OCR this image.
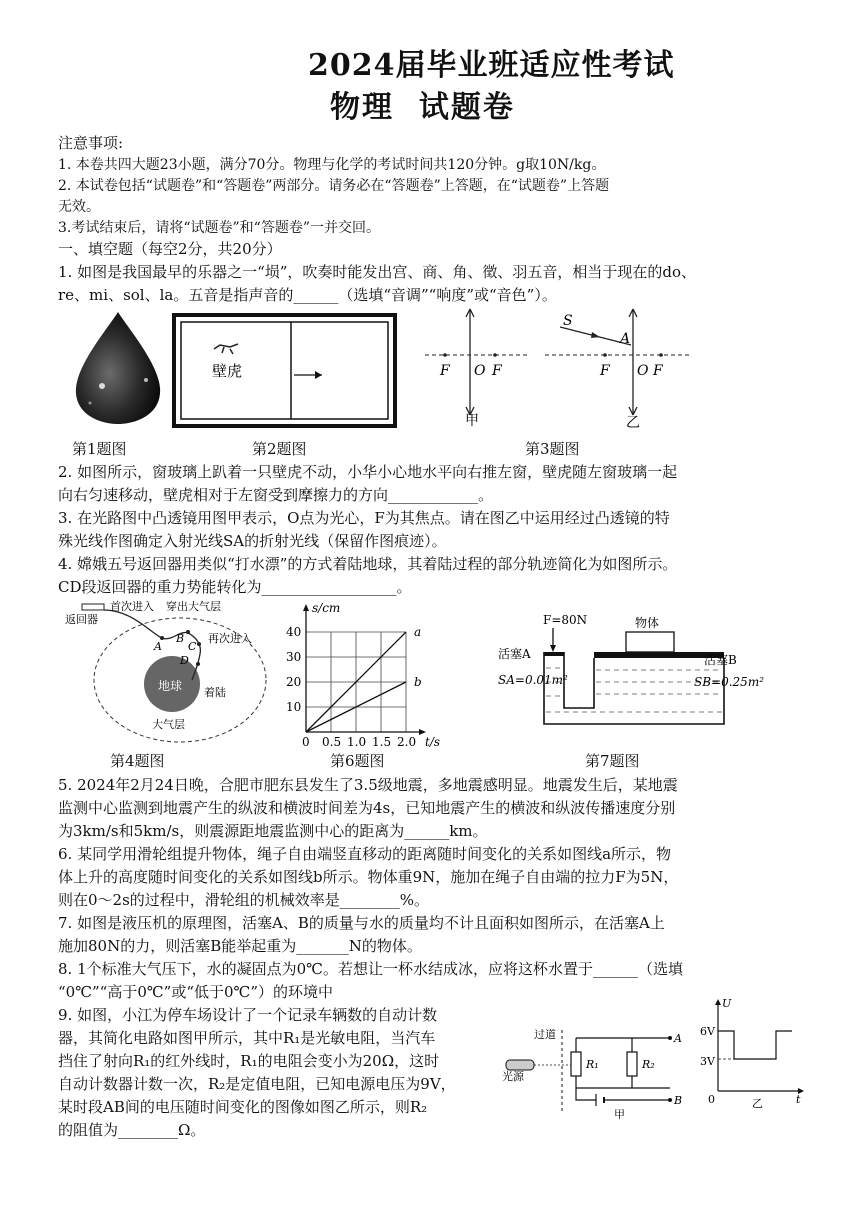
2024届毕业班适应性考试
物理  试题卷
注意事项:
1. 本卷共四大题23小题，满分70分。物理与化学的考试时间共120分钟。g取10N/kg。
2. 本试卷包括“试题卷”和“答题卷”两部分。请务必在“答题卷”上答题，在“试题卷”上答题
无效。
3.考试结束后，请将“试题卷”和“答题卷”一并交回。
一、填空题（每空2分，共20分）
1. 如图是我国最早的乐器之一“埙”，吹奏时能发出宫、商、角、徵、羽五音，相当于现在的do、
re、mi、sol、la。五音是指声音的______（选填“音调”“响度”或“音色”）。
壁虎	F O F
甲
S
A
F O F
乙
第1题图	第2题图	第3题图
2. 如图所示，窗玻璃上趴着一只壁虎不动，小华小心地水平向右推左窗，壁虎随左窗玻璃一起
向右匀速移动，壁虎相对于左窗受到摩擦力的方向____________。
3. 在光路图中凸透镜用图甲表示，O点为光心，F为其焦点。请在图乙中运用经过凸透镜的特
殊光线作图确定入射光线SA的折射光线（保留作图痕迹）。
4. 嫦娥五号返回器用类似“打水漂”的方式着陆地球，其着陆过程的部分轨迹简化为如图所示。
CD段返回器的重力势能转化为__________________。
返回器
首次进入 穿出大气层
再次进入
A
B
C
D
地球 着陆
大气层
第4题图
s/cm
t/s
0 0.5 1.0 1.5 2.0
10
20
30
40	a
b
第6题图
F=80N	物体
活塞A	活塞B
SA=0.01m²	SB=0.25m²
第7题图
5. 2024年2月24日晚，合肥市肥东县发生了3.5级地震，多地震感明显。地震发生后，某地震
监测中心监测到地震产生的纵波和横波时间差为4s，已知地震产生的横波和纵波传播速度分别
为3km/s和5km/s，则震源距地震监测中心的距离为______km。
6. 某同学用滑轮组提升物体，绳子自由端竖直移动的距离随时间变化的关系如图线a所示，物
体上升的高度随时间变化的关系如图线b所示。物体重9N，施加在绳子自由端的拉力F为5N，
则在0～2s的过程中，滑轮组的机械效率是________%。
7. 如图是液压机的原理图，活塞A、B的质量与水的质量均不计且面积如图所示，在活塞A上
施加80N的力，则活塞B能举起重为_______N的物体。
8. 1个标准大气压下，水的凝固点为0℃。若想让一杯水结成冰，应将这杯水置于______（选填
“0℃”“高于0℃”或“低于0℃”）的环境中
9. 如图，小江为停车场设计了一个记录车辆数的自动计数
器，其简化电路如图甲所示，其中R₁是光敏电阻，当汽车
挡住了射向R₁的红外线时，R₁的电阻会变小为20Ω，这时
自动计数器计数一次，R₂是定值电阻，已知电源电压为9V，
某时段AB间的电压随时间变化的图像如图乙所示，则R₂
的阻值为________Ω。
过道
光源
R₁	R₂
A
B
甲
U
6V
3V
0	t
乙
